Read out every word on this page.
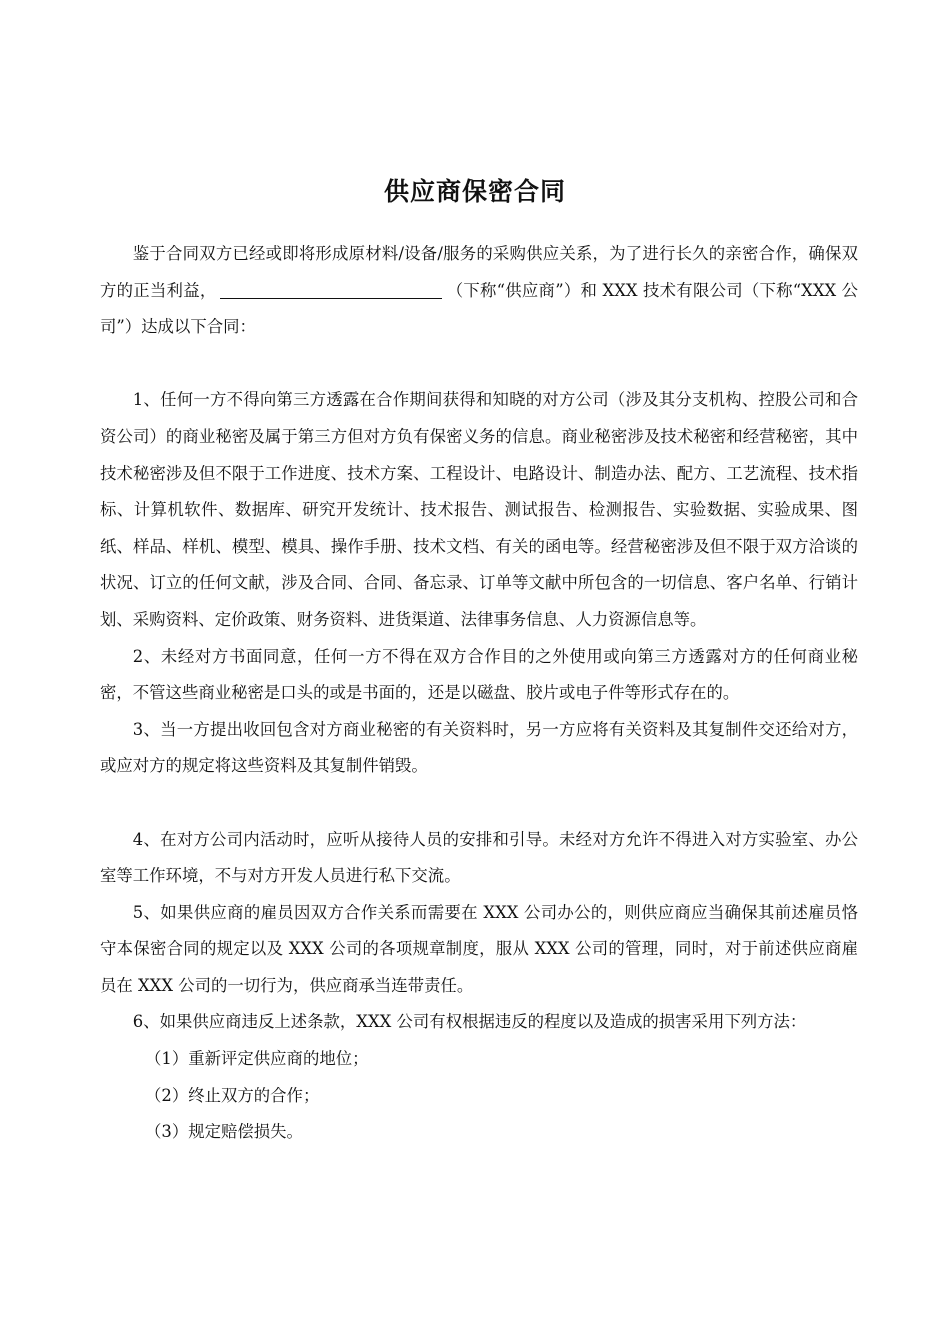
供应商保密合同

鉴于合同双方已经或即将形成原材料/设备/服务的采购供应关系，为了进行长久的亲密合作，确保双方的正当利益，	（下称“供应商”）和 XXX 技术有限公司（下称“XXX 公司”）达成以下合同：

1、任何一方不得向第三方透露在合作期间获得和知晓的对方公司（涉及其分支机构、控股公司和合资公司）的商业秘密及属于第三方但对方负有保密义务的信息。商业秘密涉及技术秘密和经营秘密，其中技术秘密涉及但不限于工作进度、技术方案、工程设计、电路设计、制造办法、配方、工艺流程、技术指标、计算机软件、数据库、研究开发统计、技术报告、测试报告、检测报告、实验数据、实验成果、图纸、样品、样机、模型、模具、操作手册、技术文档、有关的函电等。经营秘密涉及但不限于双方洽谈的状况、订立的任何文献，涉及合同、合同、备忘录、订单等文献中所包含的一切信息、客户名单、行销计划、采购资料、定价政策、财务资料、进货渠道、法律事务信息、人力资源信息等。

2、未经对方书面同意，任何一方不得在双方合作目的之外使用或向第三方透露对方的任何商业秘密，不管这些商业秘密是口头的或是书面的，还是以磁盘、胶片或电子件等形式存在的。

3、当一方提出收回包含对方商业秘密的有关资料时，另一方应将有关资料及其复制件交还给对方，或应对方的规定将这些资料及其复制件销毁。

4、在对方公司内活动时，应听从接待人员的安排和引导。未经对方允许不得进入对方实验室、办公室等工作环境，不与对方开发人员进行私下交流。

5、如果供应商的雇员因双方合作关系而需要在 XXX 公司办公的，则供应商应当确保其前述雇员恪守本保密合同的规定以及 XXX 公司的各项规章制度，服从 XXX 公司的管理，同时，对于前述供应商雇员在 XXX 公司的一切行为，供应商承当连带责任。

6、如果供应商违反上述条款，XXX 公司有权根据违反的程度以及造成的损害采用下列方法：

（1）重新评定供应商的地位；

（2）终止双方的合作；

（3）规定赔偿损失。
